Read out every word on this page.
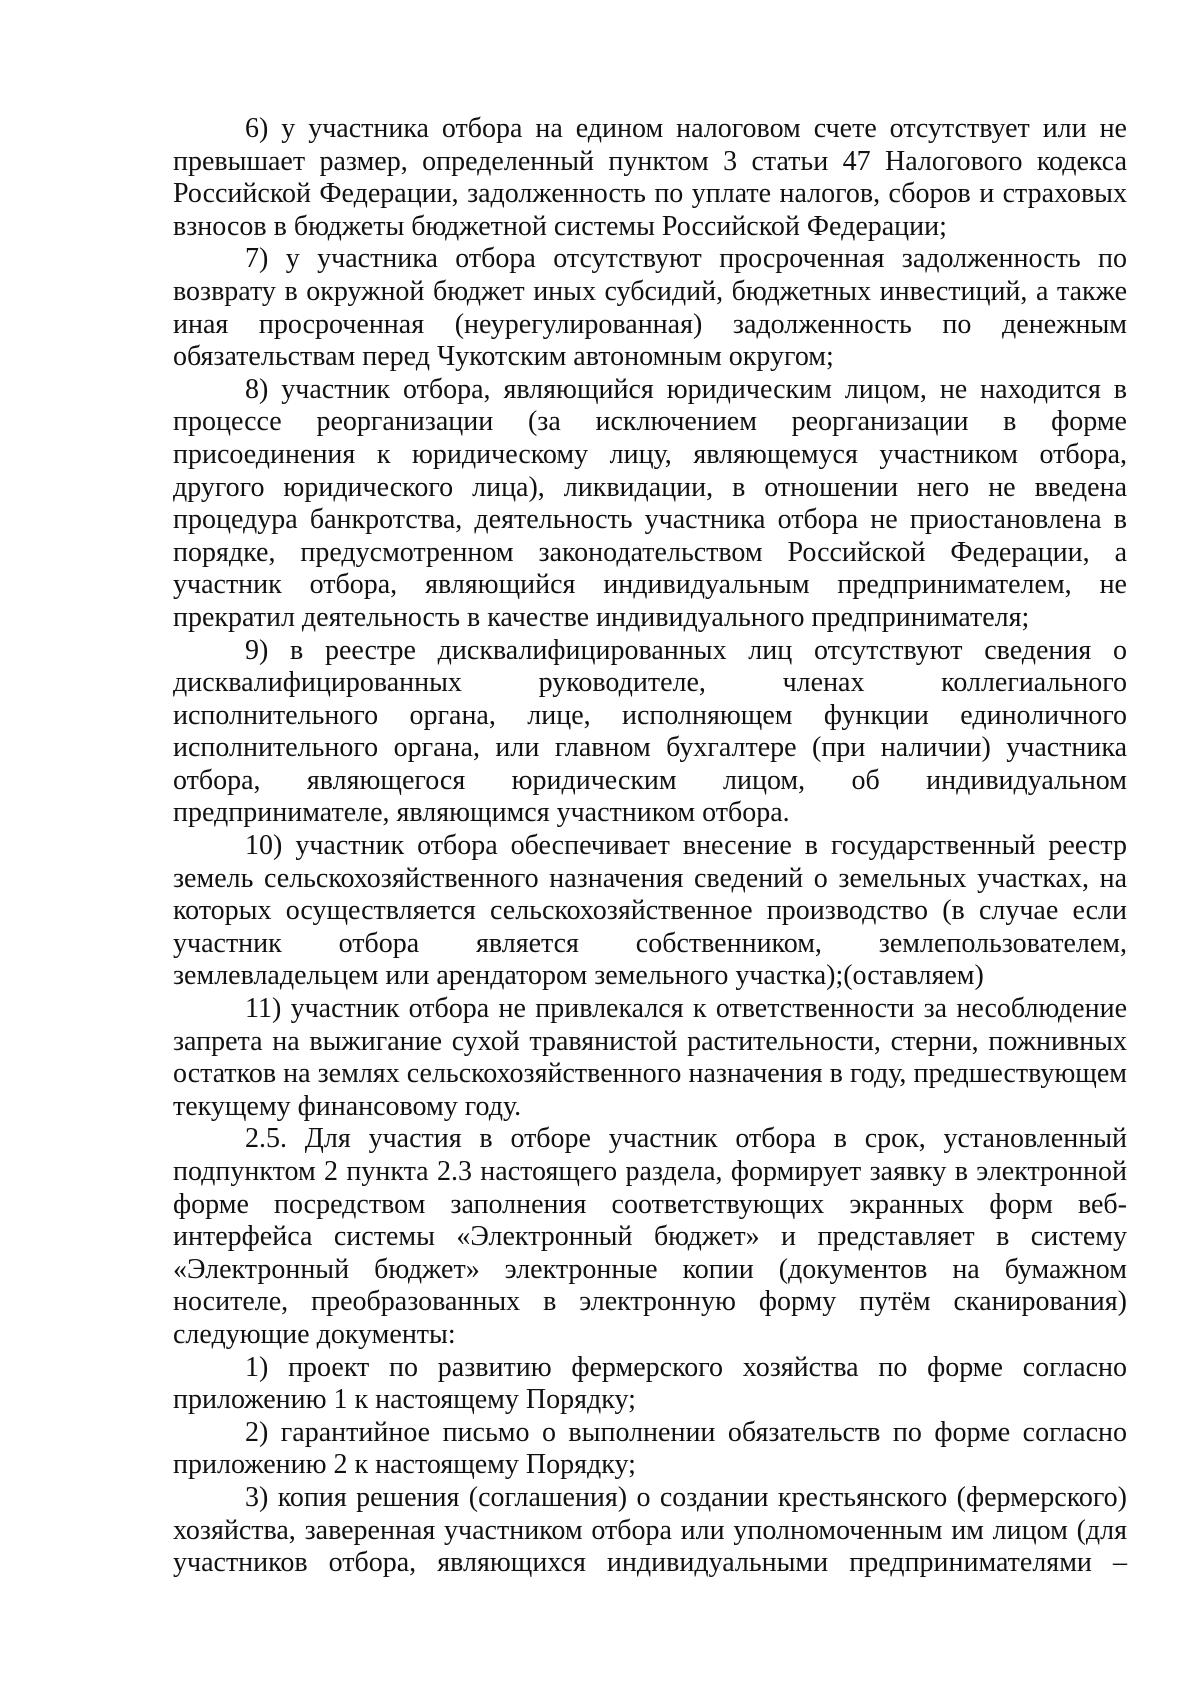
6) у участника отбора на едином налоговом счете отсутствует или не превышает размер, определенный пунктом 3 статьи 47 Налогового кодекса Российской Федерации, задолженность по уплате налогов, сборов и страховых взносов в бюджеты бюджетной системы Российской Федерации;

7) у участника отбора отсутствуют просроченная задолженность по возврату в окружной бюджет иных субсидий, бюджетных инвестиций, а также иная просроченная (неурегулированная) задолженность по денежным обязательствам перед Чукотским автономным округом;

8) участник отбора, являющийся юридическим лицом, не находится в процессе реорганизации (за исключением реорганизации в форме присоединения к юридическому лицу, являющемуся участником отбора, другого юридического лица), ликвидации, в отношении него не введена процедура банкротства, деятельность участника отбора не приостановлена в порядке, предусмотренном законодательством Российской Федерации, а участник отбора, являющийся индивидуальным предпринимателем, не прекратил деятельность в качестве индивидуального предпринимателя;

9) в реестре дисквалифицированных лиц отсутствуют сведения о дисквалифицированных руководителе, членах коллегиального исполнительного органа, лице, исполняющем функции единоличного исполнительного органа, или главном бухгалтере (при наличии) участника отбора, являющегося юридическим лицом, об индивидуальном предпринимателе, являющимся участником отбора.

10) участник отбора обеспечивает внесение в государственный реестр земель сельскохозяйственного назначения сведений о земельных участках, на которых осуществляется сельскохозяйственное производство (в случае если участник отбора является собственником, землепользователем, землевладельцем или арендатором земельного участка);(оставляем)

11) участник отбора не привлекался к ответственности за несоблюдение запрета на выжигание сухой травянистой растительности, стерни, пожнивных остатков на землях сельскохозяйственного назначения в году, предшествующем текущему финансовому году.

2.5. Для участия в отборе участник отбора в срок, установленный подпунктом 2 пункта 2.3 настоящего раздела, формирует заявку в электронной форме посредством заполнения соответствующих экранных форм веб-интерфейса системы «Электронный бюджет» и представляет в систему «Электронный бюджет» электронные копии (документов на бумажном носителе, преобразованных в электронную форму путём сканирования) следующие документы:

1) проект по развитию фермерского хозяйства по форме согласно приложению 1 к настоящему Порядку;

2) гарантийное письмо о выполнении обязательств по форме согласно приложению 2 к настоящему Порядку;

3) копия решения (соглашения) о создании крестьянского (фермерского) хозяйства, заверенная участником отбора или уполномоченным им лицом (для участников отбора, являющихся индивидуальными предпринимателями –
